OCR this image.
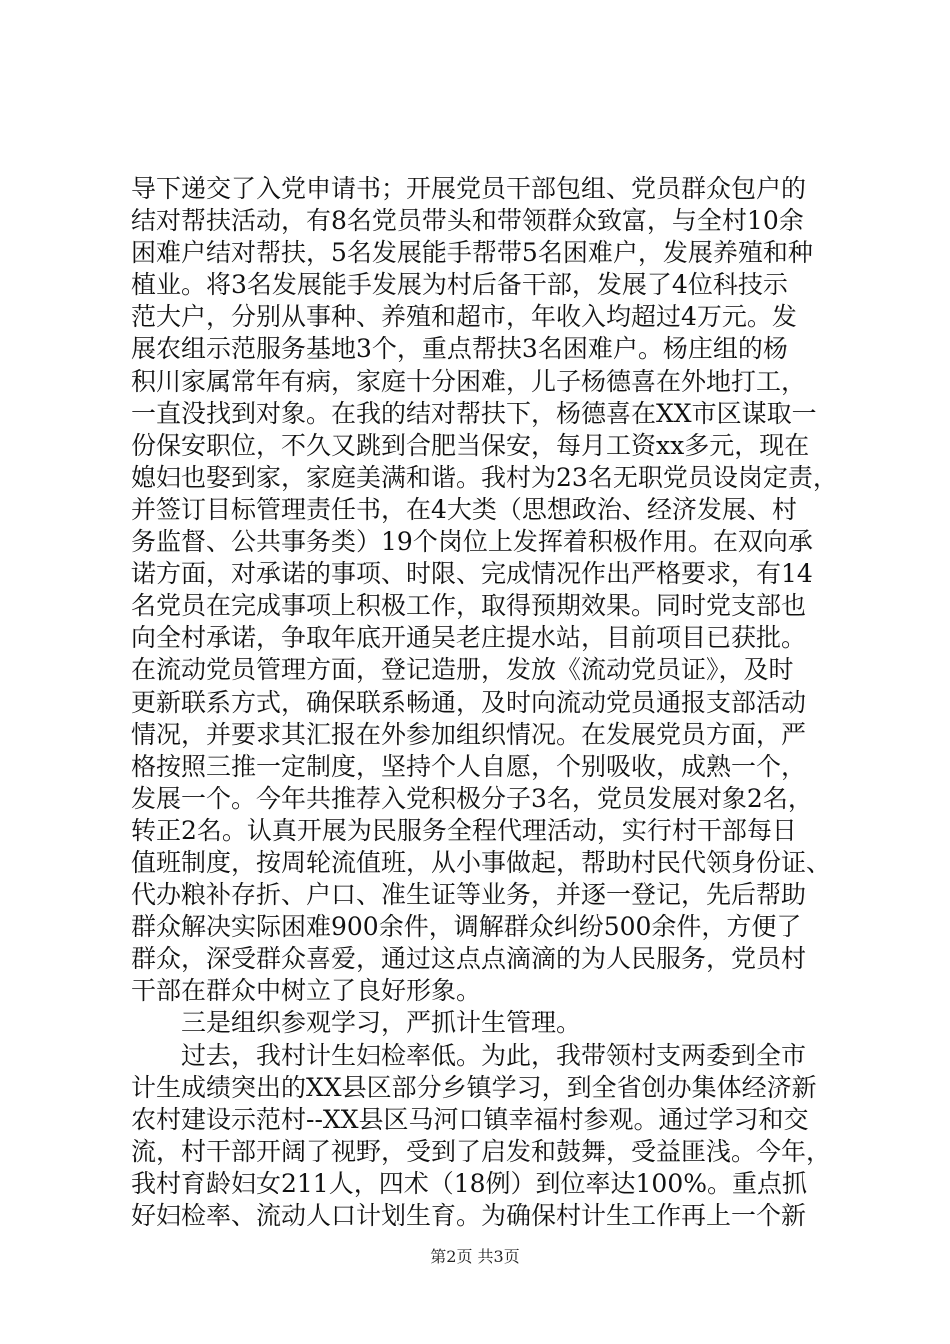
导下递交了入党申请书；开展党员干部包组、党员群众包户的
结对帮扶活动，有8名党员带头和带领群众致富，与全村10余
困难户结对帮扶，5名发展能手帮带5名困难户，发展养殖和种
植业。将3名发展能手发展为村后备干部，发展了4位科技示
范大户，分别从事种、养殖和超市，年收入均超过4万元。发
展农组示范服务基地3个，重点帮扶3名困难户。杨庄组的杨
积川家属常年有病，家庭十分困难，儿子杨德喜在外地打工，
一直没找到对象。在我的结对帮扶下，杨德喜在XX市区谋取一
份保安职位，不久又跳到合肥当保安，每月工资xx多元，现在
媳妇也娶到家，家庭美满和谐。我村为23名无职党员设岗定责，
并签订目标管理责任书，在4大类（思想政治、经济发展、村
务监督、公共事务类）19个岗位上发挥着积极作用。在双向承
诺方面，对承诺的事项、时限、完成情况作出严格要求，有14
名党员在完成事项上积极工作，取得预期效果。同时党支部也
向全村承诺，争取年底开通吴老庄提水站，目前项目已获批。
在流动党员管理方面，登记造册，发放《流动党员证》，及时
更新联系方式，确保联系畅通，及时向流动党员通报支部活动
情况，并要求其汇报在外参加组织情况。在发展党员方面，严
格按照三推一定制度，坚持个人自愿，个别吸收，成熟一个，
发展一个。今年共推荐入党积极分子3名，党员发展对象2名，
转正2名。认真开展为民服务全程代理活动，实行村干部每日
值班制度，按周轮流值班，从小事做起，帮助村民代领身份证、
代办粮补存折、户口、准生证等业务，并逐一登记，先后帮助
群众解决实际困难900余件，调解群众纠纷500余件，方便了
群众，深受群众喜爱，通过这点点滴滴的为人民服务，党员村
干部在群众中树立了良好形象。
三是组织参观学习，严抓计生管理。
过去，我村计生妇检率低。为此，我带领村支两委到全市
计生成绩突出的XX县区部分乡镇学习，到全省创办集体经济新
农村建设示范村--XX县区马河口镇幸福村参观。通过学习和交
流，村干部开阔了视野，受到了启发和鼓舞，受益匪浅。今年，
我村育龄妇女211人，四术（18例）到位率达100%。重点抓
好妇检率、流动人口计划生育。为确保村计生工作再上一个新
第2页 共3页
